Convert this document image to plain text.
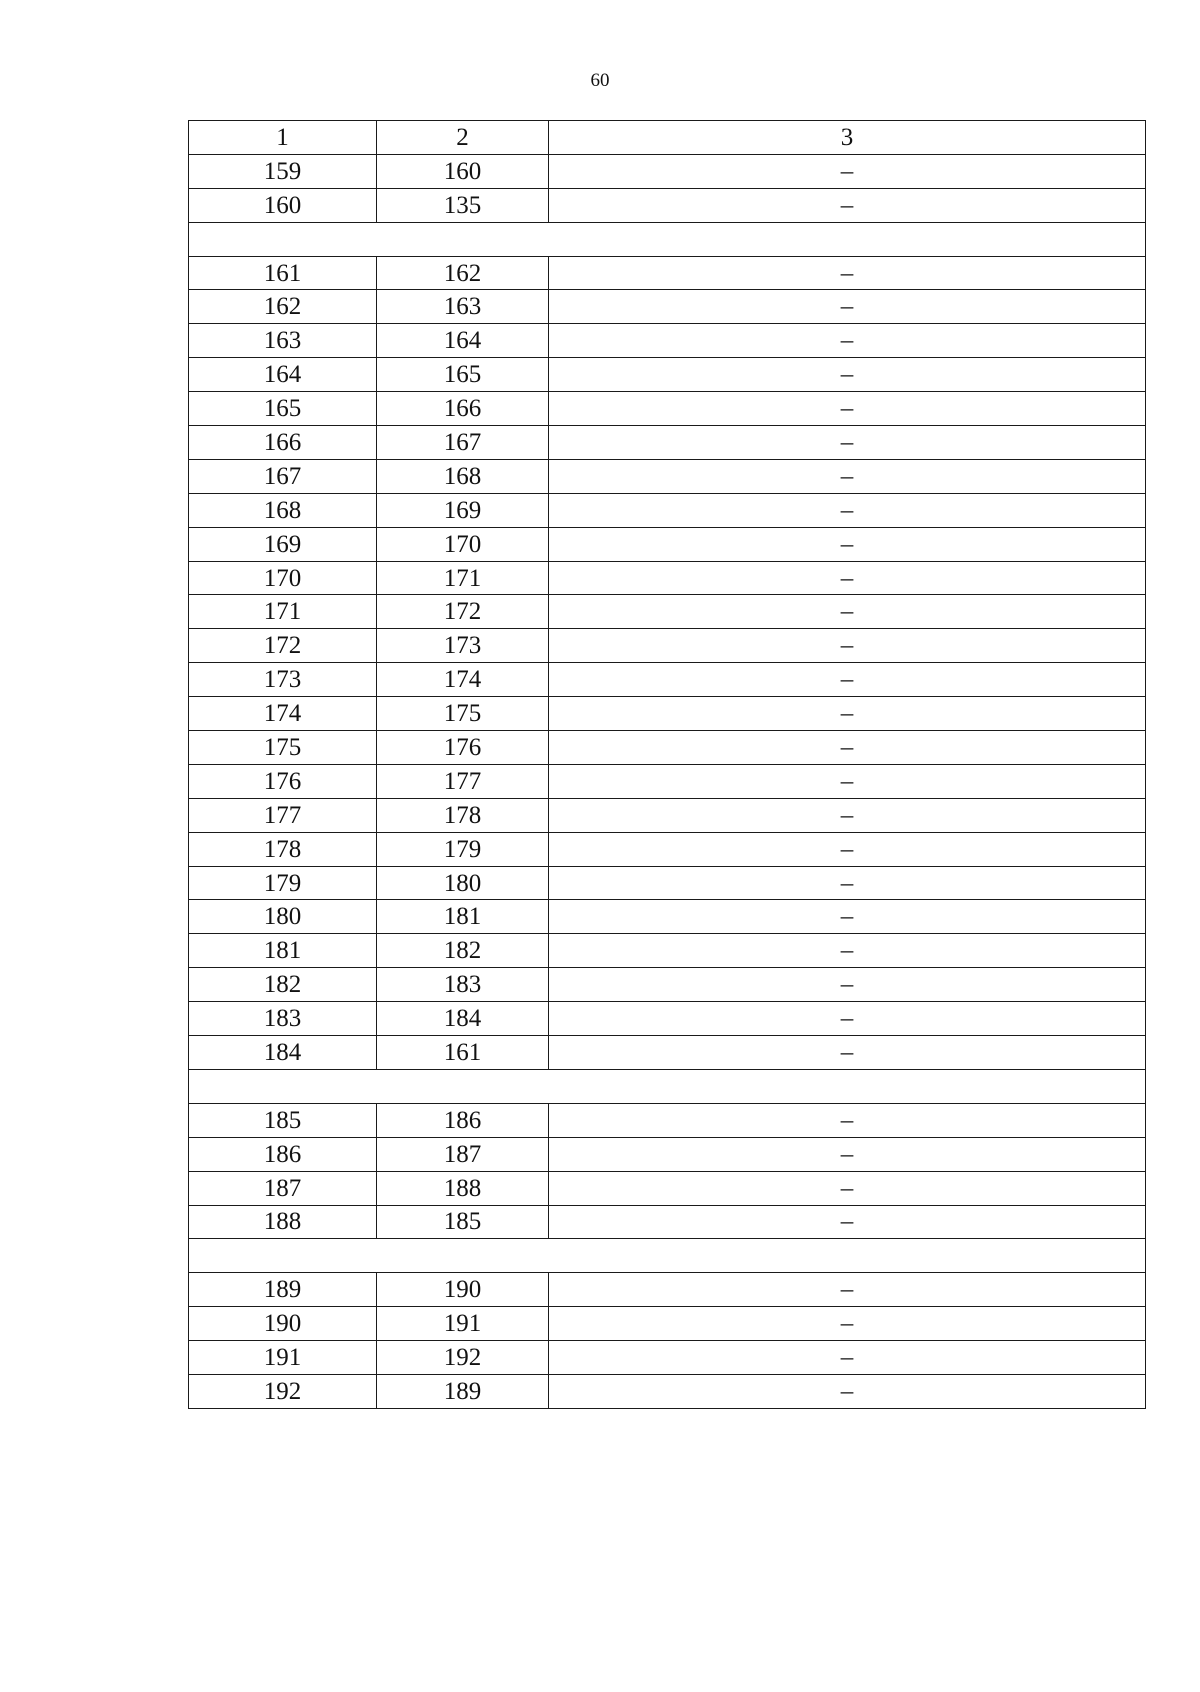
60
1	2	3
159	160	–
160	135	–

161	162	–
162	163	–
163	164	–
164	165	–
165	166	–
166	167	–
167	168	–
168	169	–
169	170	–
170	171	–
171	172	–
172	173	–
173	174	–
174	175	–
175	176	–
176	177	–
177	178	–
178	179	–
179	180	–
180	181	–
181	182	–
182	183	–
183	184	–
184	161	–

185	186	–
186	187	–
187	188	–
188	185	–

189	190	–
190	191	–
191	192	–
192	189	–
